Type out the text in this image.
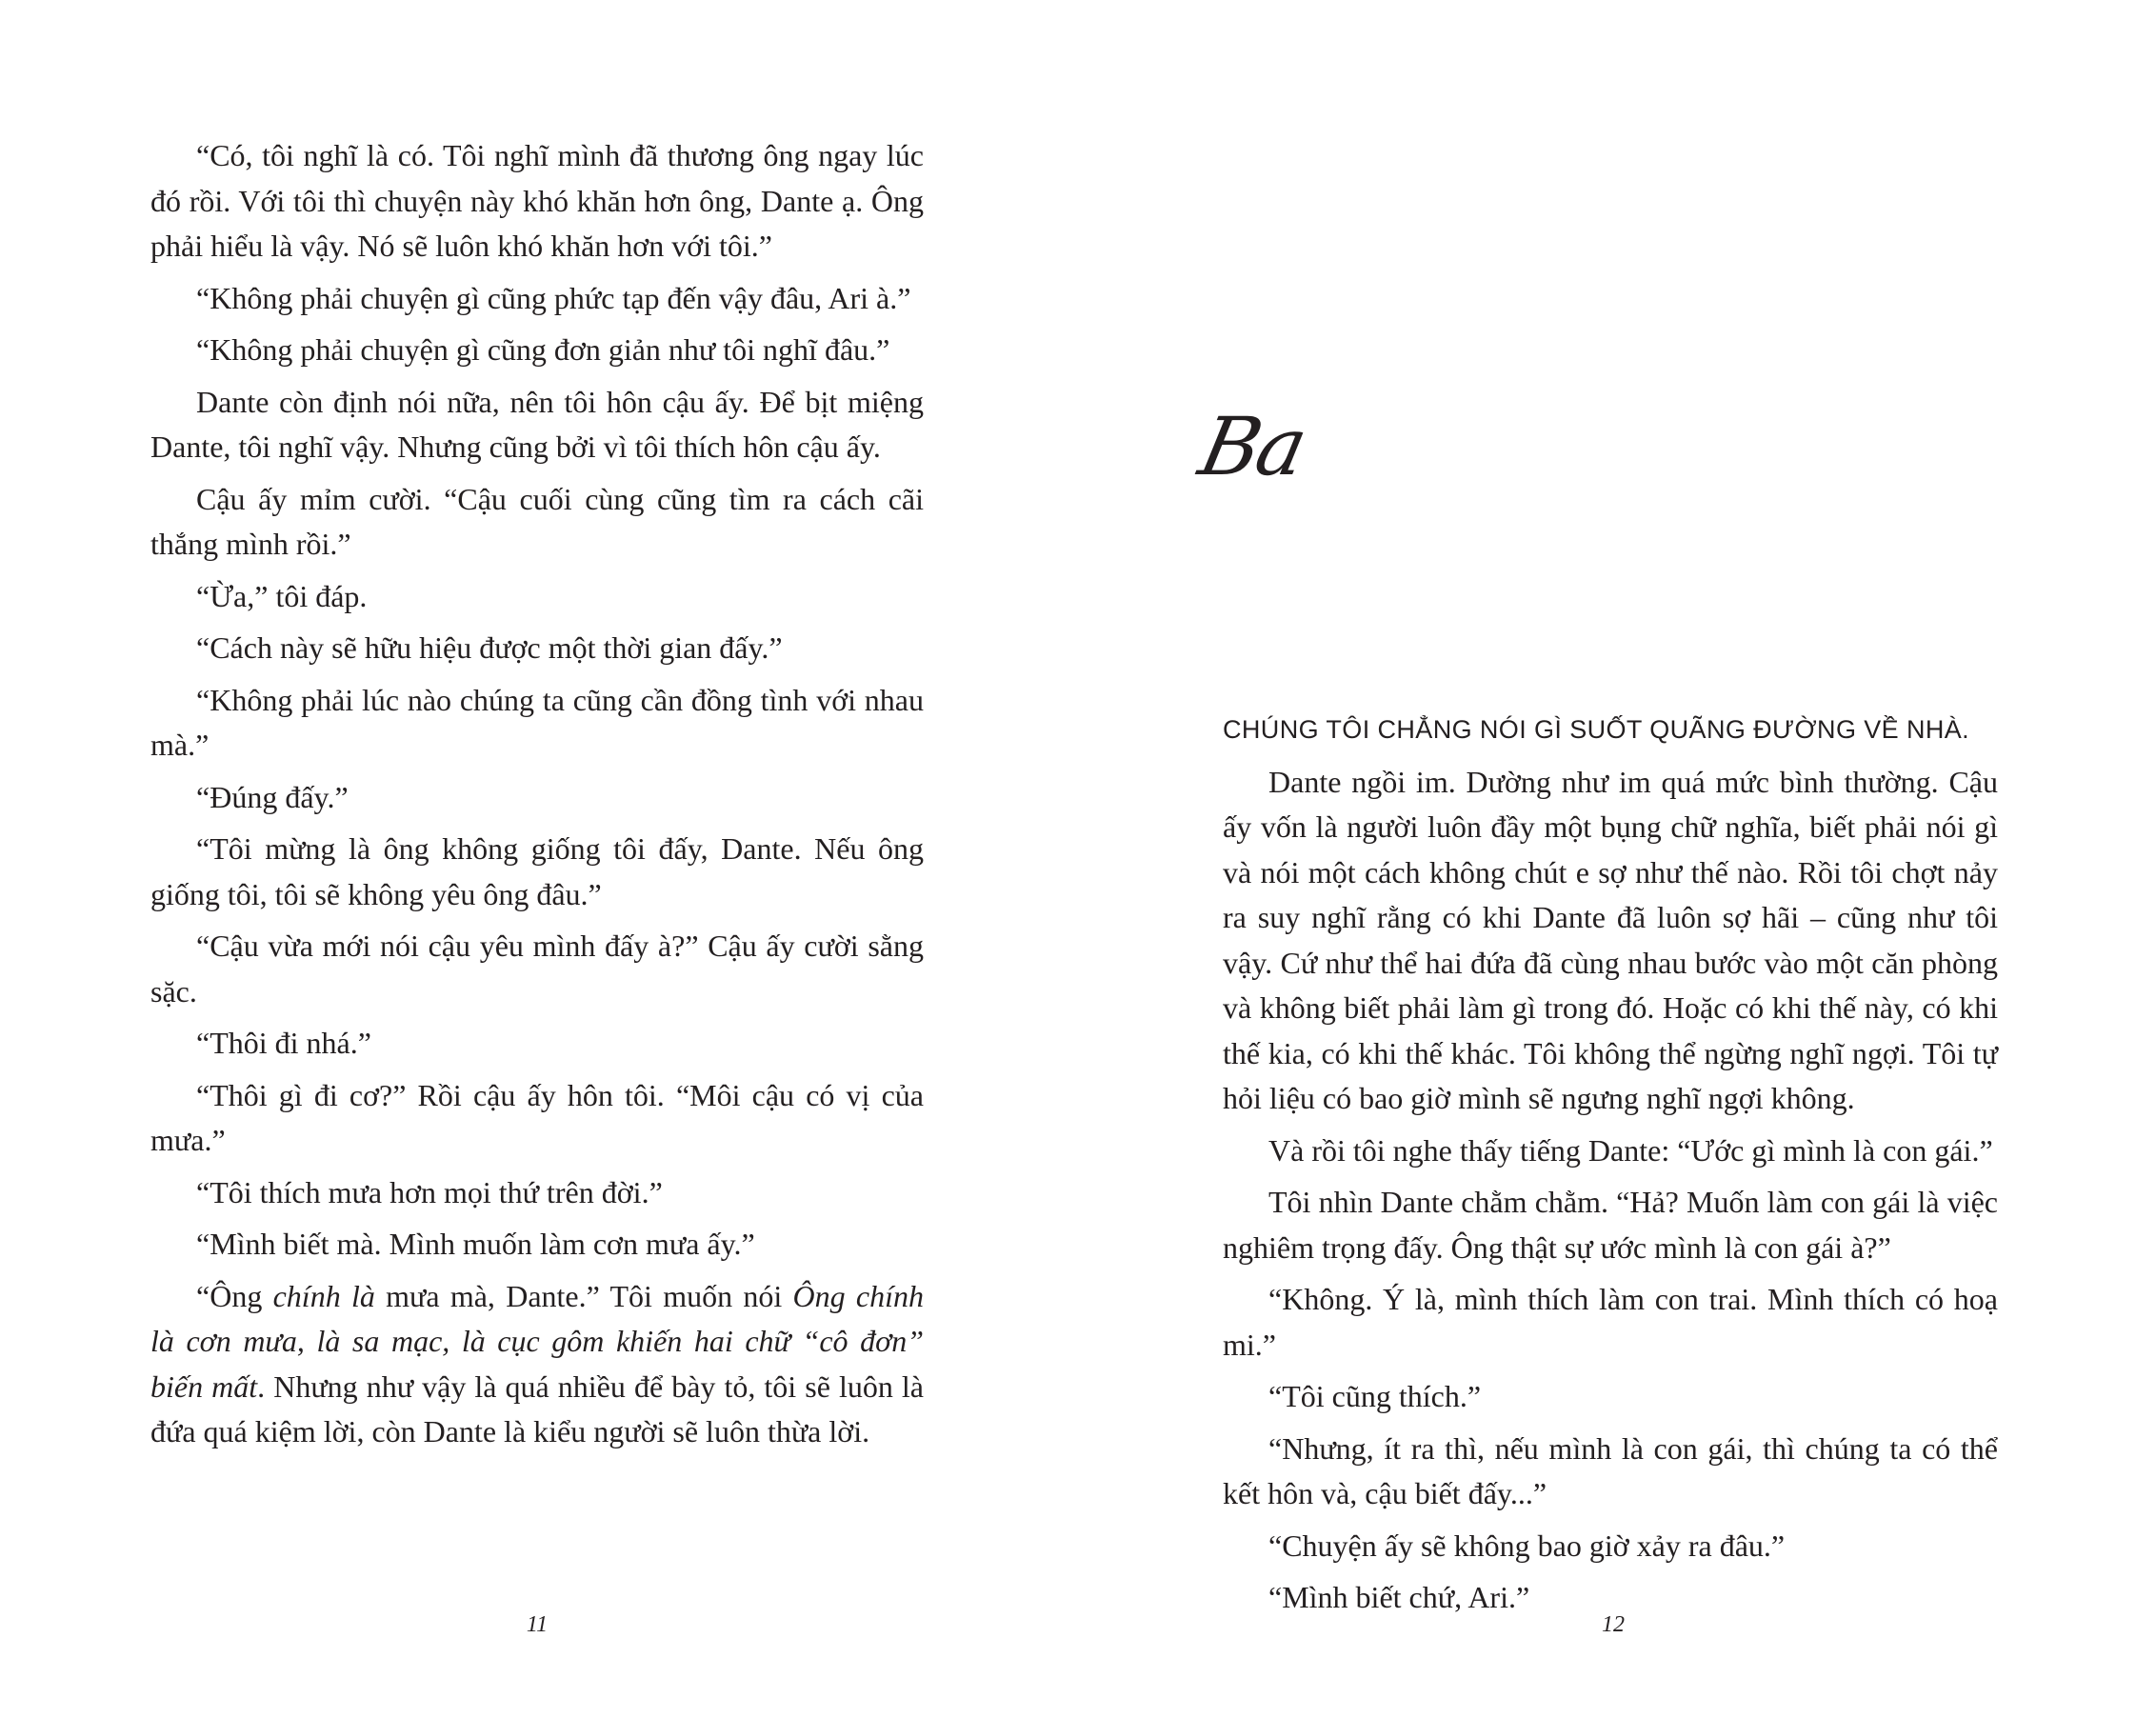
“Có, tôi nghĩ là có. Tôi nghĩ mình đã thương ông ngay lúc đó rồi. Với tôi thì chuyện này khó khăn hơn ông, Dante ạ. Ông phải hiểu là vậy. Nó sẽ luôn khó khăn hơn với tôi.”

“Không phải chuyện gì cũng phức tạp đến vậy đâu, Ari à.”

“Không phải chuyện gì cũng đơn giản như tôi nghĩ đâu.”

Dante còn định nói nữa, nên tôi hôn cậu ấy. Để bịt miệng Dante, tôi nghĩ vậy. Nhưng cũng bởi vì tôi thích hôn cậu ấy.

Cậu ấy mỉm cười. “Cậu cuối cùng cũng tìm ra cách cãi thắng mình rồi.”

“Ừa,” tôi đáp.

“Cách này sẽ hữu hiệu được một thời gian đấy.”

“Không phải lúc nào chúng ta cũng cần đồng tình với nhau mà.”

“Đúng đấy.”

“Tôi mừng là ông không giống tôi đấy, Dante. Nếu ông giống tôi, tôi sẽ không yêu ông đâu.”

“Cậu vừa mới nói cậu yêu mình đấy à?” Cậu ấy cười sằng sặc.

“Thôi đi nhá.”

“Thôi gì đi cơ?” Rồi cậu ấy hôn tôi. “Môi cậu có vị của mưa.”

“Tôi thích mưa hơn mọi thứ trên đời.”

“Mình biết mà. Mình muốn làm cơn mưa ấy.”

“Ông chính là mưa mà, Dante.” Tôi muốn nói Ông chính là cơn mưa, là sa mạc, là cục gôm khiến hai chữ “cô đơn” biến mất. Nhưng như vậy là quá nhiều để bày tỏ, tôi sẽ luôn là đứa quá kiệm lời, còn Dante là kiểu người sẽ luôn thừa lời.

11
Ba

CHÚNG TÔI CHẲNG NÓI GÌ SUỐT QUÃNG ĐƯỜNG VỀ NHÀ.

Dante ngồi im. Dường như im quá mức bình thường. Cậu ấy vốn là người luôn đầy một bụng chữ nghĩa, biết phải nói gì và nói một cách không chút e sợ như thế nào. Rồi tôi chợt nảy ra suy nghĩ rằng có khi Dante đã luôn sợ hãi – cũng như tôi vậy. Cứ như thể hai đứa đã cùng nhau bước vào một căn phòng và không biết phải làm gì trong đó. Hoặc có khi thế này, có khi thế kia, có khi thế khác. Tôi không thể ngừng nghĩ ngợi. Tôi tự hỏi liệu có bao giờ mình sẽ ngưng nghĩ ngợi không.

Và rồi tôi nghe thấy tiếng Dante: “Ước gì mình là con gái.”

Tôi nhìn Dante chằm chằm. “Hả? Muốn làm con gái là việc nghiêm trọng đấy. Ông thật sự ước mình là con gái à?”

“Không. Ý là, mình thích làm con trai. Mình thích có hoạ mi.”

“Tôi cũng thích.”

“Nhưng, ít ra thì, nếu mình là con gái, thì chúng ta có thể kết hôn và, cậu biết đấy...”

“Chuyện ấy sẽ không bao giờ xảy ra đâu.”

“Mình biết chứ, Ari.”

12
